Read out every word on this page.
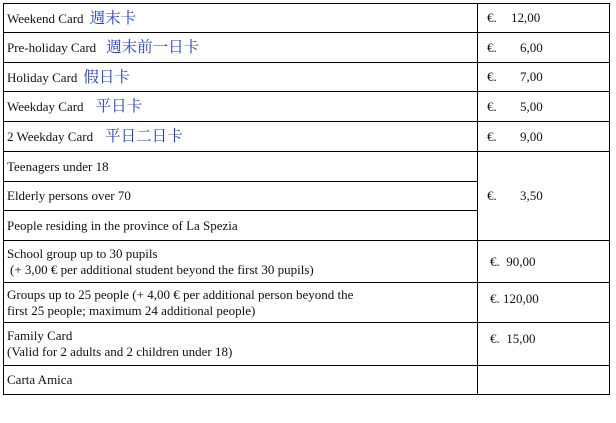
Weekend Card 週末卡	€. 12,00

Pre-holiday Card 週末前一日卡	€. 6,00

Holiday Card 假日卡	€. 7,00

Weekday Card 平日卡	€. 5,00

2 Weekday Card 平日二日卡	€. 9,00

Teenagers under 18	€. 3,50

Elderly persons over 70	
People residing in the province of La Spezia	

School group up to 30 pupils
(+ 3,00 € per additional student beyond the first 30 pupils)	€.  90,00

Groups up to 25 people (+ 4,00 € per additional person beyond the
first 25 people; maximum 24 additional people)	€. 120,00

Family Card
(Valid for 2 adults and 2 children under 18)	€.  15,00
Carta Amica	
